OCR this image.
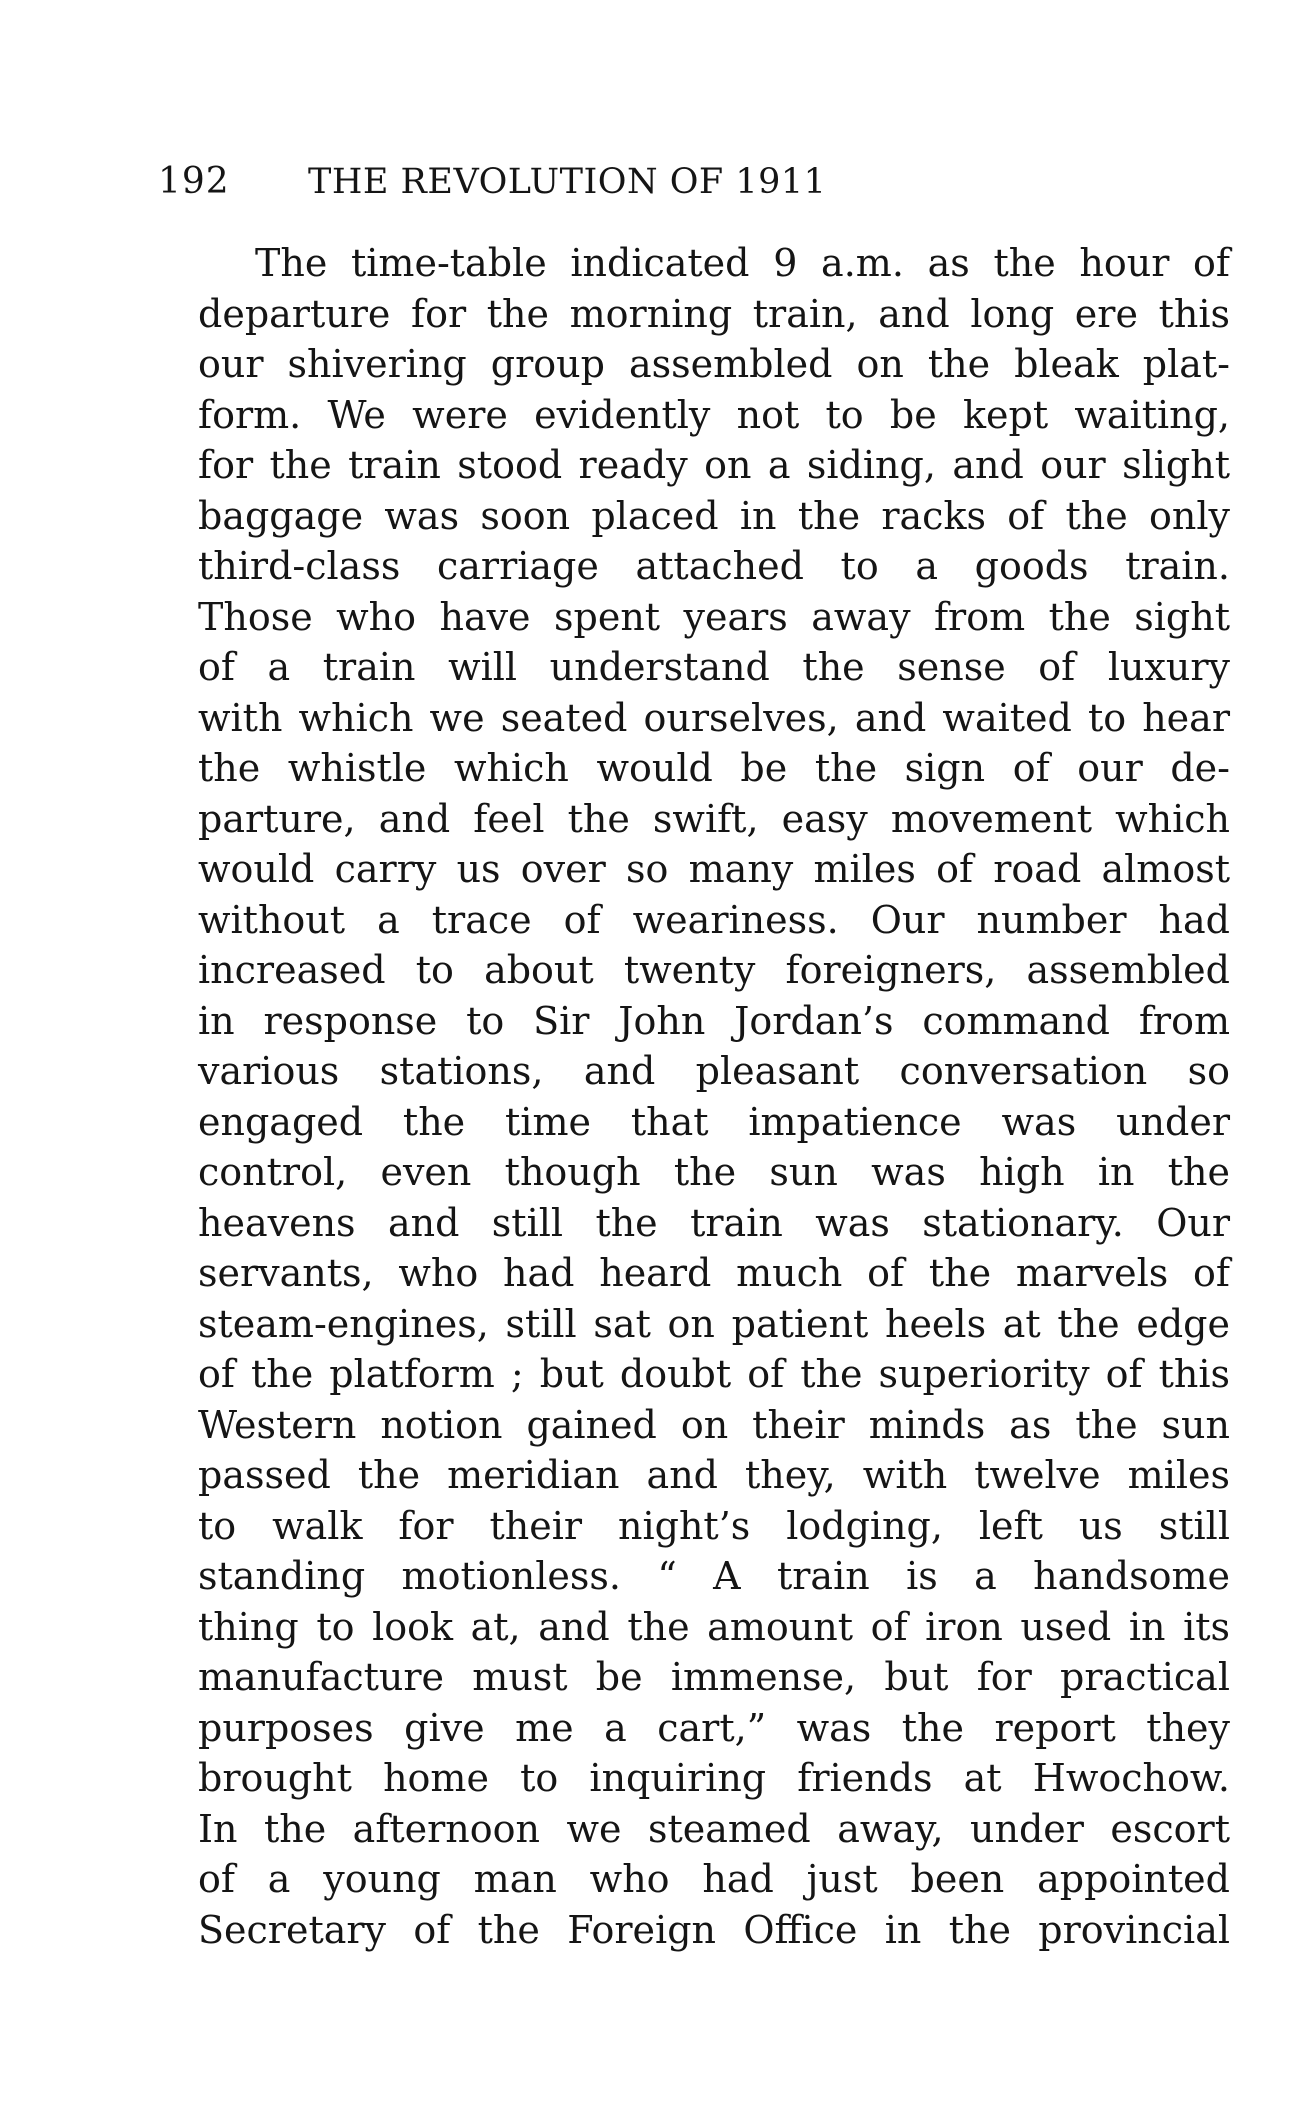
192 THE REVOLUTION OF 1911
The time-table indicated 9 a.m. as the hour of
departure for the morning train, and long ere this
our shivering group assembled on the bleak plat-
form. We were evidently not to be kept waiting,
for the train stood ready on a siding, and our slight
baggage was soon placed in the racks of the only
third-class carriage attached to a goods train.
Those who have spent years away from the sight
of a train will understand the sense of luxury
with which we seated ourselves, and waited to hear
the whistle which would be the sign of our de-
parture, and feel the swift, easy movement which
would carry us over so many miles of road almost
without a trace of weariness. Our number had
increased to about twenty foreigners, assembled
in response to Sir John Jordan’s command from
various stations, and pleasant conversation so
engaged the time that impatience was under
control, even though the sun was high in the
heavens and still the train was stationary. Our
servants, who had heard much of the marvels of
steam-engines, still sat on patient heels at the edge
of the platform ; but doubt of the superiority of this
Western notion gained on their minds as the sun
passed the meridian and they, with twelve miles
to walk for their night’s lodging, left us still
standing motionless. “ A train is a handsome
thing to look at, and the amount of iron used in its
manufacture must be immense, but for practical
purposes give me a cart,” was the report they
brought home to inquiring friends at Hwochow.
In the afternoon we steamed away, under escort
of a young man who had just been appointed
Secretary of the Foreign Office in the provincial
